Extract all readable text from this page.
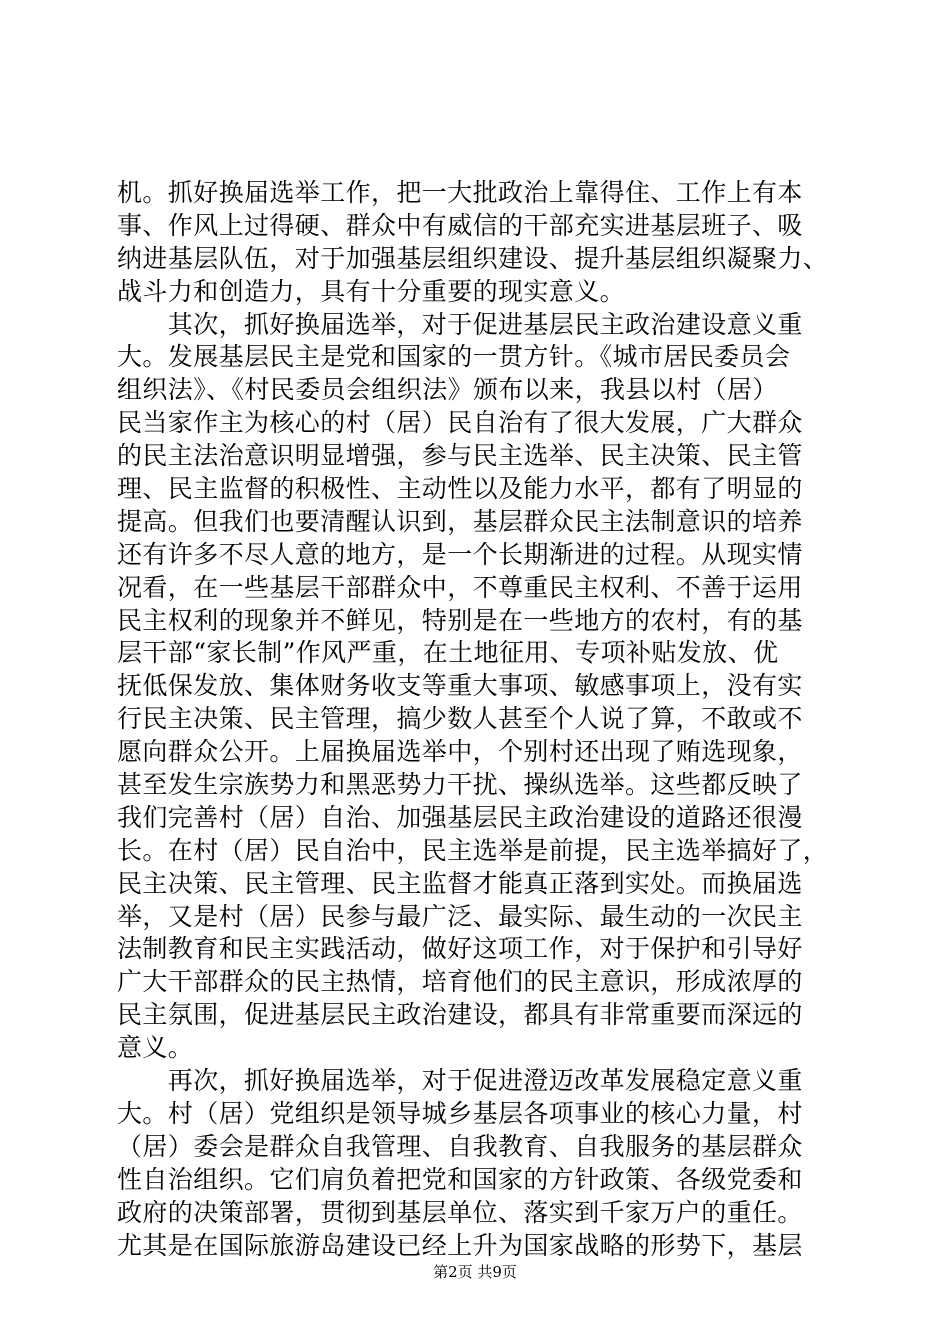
机。抓好换届选举工作，把一大批政治上靠得住、工作上有本
事、作风上过得硬、群众中有威信的干部充实进基层班子、吸
纳进基层队伍，对于加强基层组织建设、提升基层组织凝聚力、
战斗力和创造力，具有十分重要的现实意义。
　　其次，抓好换届选举，对于促进基层民主政治建设意义重
大。发展基层民主是党和国家的一贯方针。《城市居民委员会
组织法》、《村民委员会组织法》颁布以来，我县以村（居）
民当家作主为核心的村（居）民自治有了很大发展，广大群众
的民主法治意识明显增强，参与民主选举、民主决策、民主管
理、民主监督的积极性、主动性以及能力水平，都有了明显的
提高。但我们也要清醒认识到，基层群众民主法制意识的培养
还有许多不尽人意的地方，是一个长期渐进的过程。从现实情
况看，在一些基层干部群众中，不尊重民主权利、不善于运用
民主权利的现象并不鲜见，特别是在一些地方的农村，有的基
层干部“家长制”作风严重，在土地征用、专项补贴发放、优
抚低保发放、集体财务收支等重大事项、敏感事项上，没有实
行民主决策、民主管理，搞少数人甚至个人说了算，不敢或不
愿向群众公开。上届换届选举中，个别村还出现了贿选现象，
甚至发生宗族势力和黑恶势力干扰、操纵选举。这些都反映了
我们完善村（居）自治、加强基层民主政治建设的道路还很漫
长。在村（居）民自治中，民主选举是前提，民主选举搞好了，
民主决策、民主管理、民主监督才能真正落到实处。而换届选
举，又是村（居）民参与最广泛、最实际、最生动的一次民主
法制教育和民主实践活动，做好这项工作，对于保护和引导好
广大干部群众的民主热情，培育他们的民主意识，形成浓厚的
民主氛围，促进基层民主政治建设，都具有非常重要而深远的
意义。
　　再次，抓好换届选举，对于促进澄迈改革发展稳定意义重
大。村（居）党组织是领导城乡基层各项事业的核心力量，村
（居）委会是群众自我管理、自我教育、自我服务的基层群众
性自治组织。它们肩负着把党和国家的方针政策、各级党委和
政府的决策部署，贯彻到基层单位、落实到千家万户的重任。
尤其是在国际旅游岛建设已经上升为国家战略的形势下，基层
第2页 共9页
